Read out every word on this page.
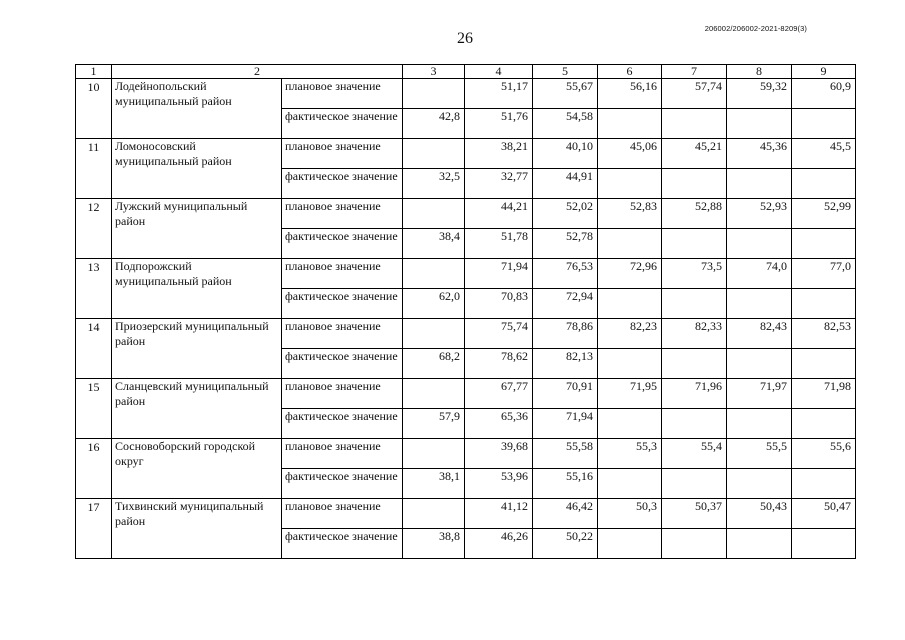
26
206002/206002-2021-8209(3)
1	2		3	4	5	6	7	8	9
10	Лодейнопольский муниципальный район	плановое значение		51,17	55,67	56,16	57,74	59,32	60,9
		фактическое значение	42,8	51,76	54,58				
11	Ломоносовский муниципальный район	плановое значение		38,21	40,10	45,06	45,21	45,36	45,5
		фактическое значение	32,5	32,77	44,91				
12	Лужский муниципальный район	плановое значение		44,21	52,02	52,83	52,88	52,93	52,99
		фактическое значение	38,4	51,78	52,78				
13	Подпорожский муниципальный район	плановое значение		71,94	76,53	72,96	73,5	74,0	77,0
		фактическое значение	62,0	70,83	72,94				
14	Приозерский муниципальный район	плановое значение		75,74	78,86	82,23	82,33	82,43	82,53
		фактическое значение	68,2	78,62	82,13				
15	Сланцевский муниципальный район	плановое значение		67,77	70,91	71,95	71,96	71,97	71,98
		фактическое значение	57,9	65,36	71,94				
16	Сосновоборский городской округ	плановое значение		39,68	55,58	55,3	55,4	55,5	55,6
		фактическое значение	38,1	53,96	55,16				
17	Тихвинский муниципальный район	плановое значение		41,12	46,42	50,3	50,37	50,43	50,47
		фактическое значение	38,8	46,26	50,22				
